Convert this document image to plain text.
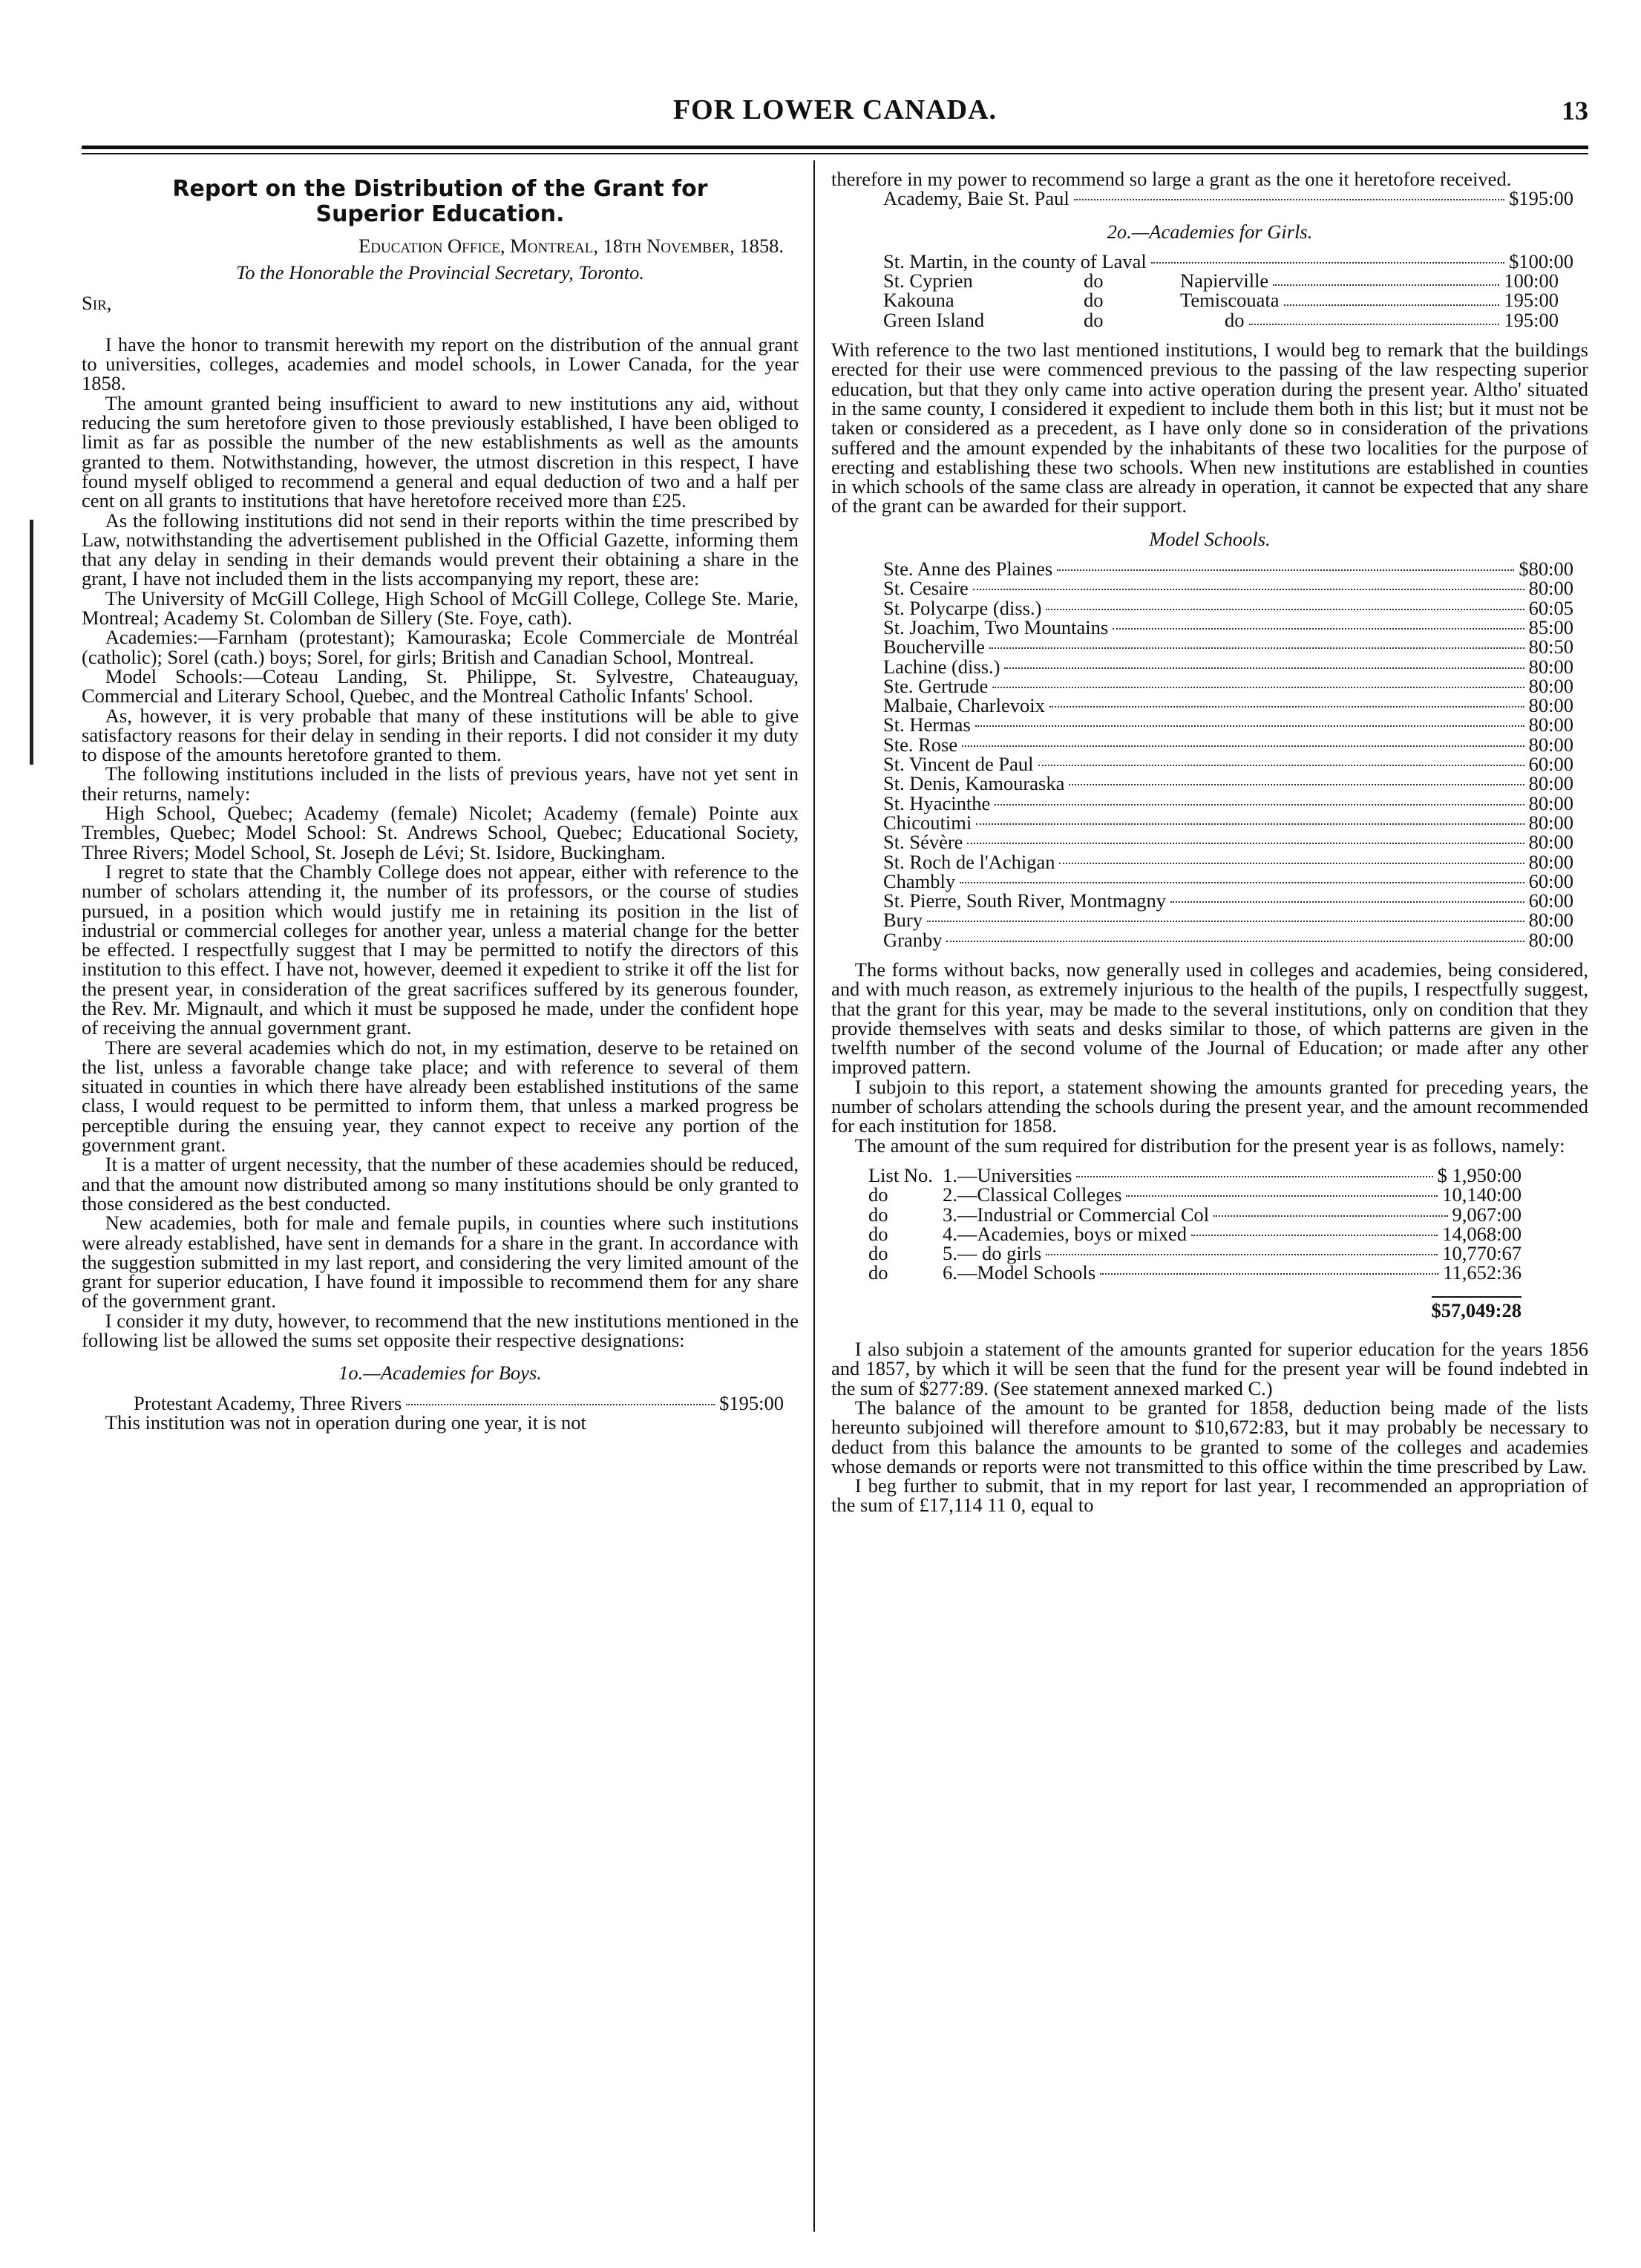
FOR LOWER CANADA.	13
Report on the Distribution of the Grant for
Superior Education.
Education Office, Montreal, 18th November, 1858.
To the Honorable the Provincial Secretary, Toronto.
Sir,

I have the honor to transmit herewith my report on the distribution of the annual grant to universities, colleges, academies and model schools, in Lower Canada, for the year 1858.

The amount granted being insufficient to award to new institutions any aid, without reducing the sum heretofore given to those previously established, I have been obliged to limit as far as possible the number of the new establishments as well as the amounts granted to them. Notwithstanding, however, the utmost discretion in this respect, I have found myself obliged to recommend a general and equal deduction of two and a half per cent on all grants to institutions that have heretofore received more than £25.

As the following institutions did not send in their reports within the time prescribed by Law, notwithstanding the advertisement published in the Official Gazette, informing them that any delay in sending in their demands would prevent their obtaining a share in the grant, I have not included them in the lists accompanying my report, these are:

The University of McGill College, High School of McGill College, College Ste. Marie, Montreal; Academy St. Colomban de Sillery (Ste. Foye, cath).

Academies:—Farnham (protestant); Kamouraska; Ecole Commerciale de Montréal (catholic); Sorel (cath.) boys; Sorel, for girls; British and Canadian School, Montreal.

Model Schools:—Coteau Landing, St. Philippe, St. Sylvestre, Chateauguay, Commercial and Literary School, Quebec, and the Montreal Catholic Infants' School.

As, however, it is very probable that many of these institutions will be able to give satisfactory reasons for their delay in sending in their reports. I did not consider it my duty to dispose of the amounts heretofore granted to them.

The following institutions included in the lists of previous years, have not yet sent in their returns, namely:

High School, Quebec; Academy (female) Nicolet; Academy (female) Pointe aux Trembles, Quebec; Model School: St. Andrews School, Quebec; Educational Society, Three Rivers; Model School, St. Joseph de Lévi; St. Isidore, Buckingham.

I regret to state that the Chambly College does not appear, either with reference to the number of scholars attending it, the number of its professors, or the course of studies pursued, in a position which would justify me in retaining its position in the list of industrial or commercial colleges for another year, unless a material change for the better be effected. I respectfully suggest that I may be permitted to notify the directors of this institution to this effect. I have not, however, deemed it expedient to strike it off the list for the present year, in consideration of the great sacrifices suffered by its generous founder, the Rev. Mr. Mignault, and which it must be supposed he made, under the confident hope of receiving the annual government grant.

There are several academies which do not, in my estimation, deserve to be retained on the list, unless a favorable change take place; and with reference to several of them situated in counties in which there have already been established institutions of the same class, I would request to be permitted to inform them, that unless a marked progress be perceptible during the ensuing year, they cannot expect to receive any portion of the government grant.

It is a matter of urgent necessity, that the number of these academies should be reduced, and that the amount now distributed among so many institutions should be only granted to those considered as the best conducted.

New academies, both for male and female pupils, in counties where such institutions were already established, have sent in demands for a share in the grant. In accordance with the suggestion submitted in my last report, and considering the very limited amount of the grant for superior education, I have found it impossible to recommend them for any share of the government grant.

I consider it my duty, however, to recommend that the new institutions mentioned in the following list be allowed the sums set opposite their respective designations:

1o.—Academies for Boys.
Protestant Academy, Three Rivers	$195:00

This institution was not in operation during one year, it is not

therefore in my power to recommend so large a grant as the one it heretofore received.

Academy, Baie St. Paul	$195:00
2o.—Academies for Girls.
St. Martin, in the county of Laval	$100:00
St. Cyprien	do	Napierville	100:00
Kakouna	do	Temiscouata	195:00
Green Island	do	do	195:00

With reference to the two last mentioned institutions, I would beg to remark that the buildings erected for their use were commenced previous to the passing of the law respecting superior education, but that they only came into active operation during the present year. Altho' situated in the same county, I considered it expedient to include them both in this list; but it must not be taken or considered as a precedent, as I have only done so in consideration of the privations suffered and the amount expended by the inhabitants of these two localities for the purpose of erecting and establishing these two schools. When new institutions are established in counties in which schools of the same class are already in operation, it cannot be expected that any share of the grant can be awarded for their support.

Model Schools.
Ste. Anne des Plaines	$80:00
St. Cesaire	80:00
St. Polycarpe (diss.)	60:05
St. Joachim, Two Mountains	85:00
Boucherville	80:50
Lachine (diss.)	80:00
Ste. Gertrude	80:00
Malbaie, Charlevoix	80:00
St. Hermas	80:00
Ste. Rose	80:00
St. Vincent de Paul	60:00
St. Denis, Kamouraska	80:00
St. Hyacinthe	80:00
Chicoutimi	80:00
St. Sévère	80:00
St. Roch de l'Achigan	80:00
Chambly	60:00
St. Pierre, South River, Montmagny	60:00
Bury	80:00
Granby	80:00

The forms without backs, now generally used in colleges and academies, being considered, and with much reason, as extremely injurious to the health of the pupils, I respectfully suggest, that the grant for this year, may be made to the several institutions, only on condition that they provide themselves with seats and desks similar to those, of which patterns are given in the twelfth number of the second volume of the Journal of Education; or made after any other improved pattern.

I subjoin to this report, a statement showing the amounts granted for preceding years, the number of scholars attending the schools during the present year, and the amount recommended for each institution for 1858.

The amount of the sum required for distribution for the present year is as follows, namely:

List No. 1.—Universities	$ 1,950:00
do	2.—Classical Colleges	10,140:00
do	3.—Industrial or Commercial Col	9,067:00
do	4.—Academies, boys or mixed	14,068:00
do	5.— do girls	10,770:67
do	6.—Model Schools	11,652:36
$57,049:28

I also subjoin a statement of the amounts granted for superior education for the years 1856 and 1857, by which it will be seen that the fund for the present year will be found indebted in the sum of $277:89. (See statement annexed marked C.)

The balance of the amount to be granted for 1858, deduction being made of the lists hereunto subjoined will therefore amount to $10,672:83, but it may probably be necessary to deduct from this balance the amounts to be granted to some of the colleges and academies whose demands or reports were not transmitted to this office within the time prescribed by Law.

I beg further to submit, that in my report for last year, I recommended an appropriation of the sum of £17,114 11 0, equal to
